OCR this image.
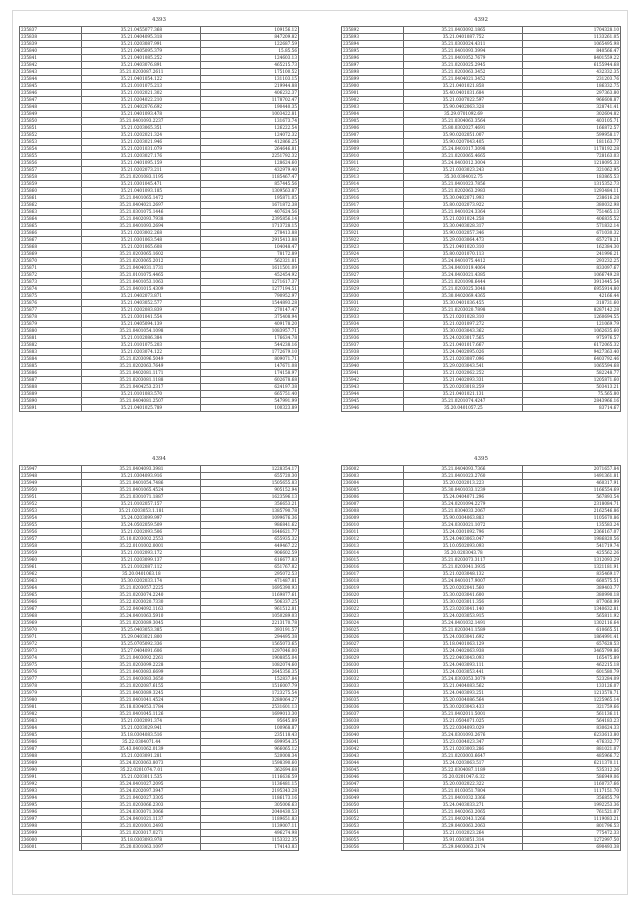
4393
235837	35.21.0455077.368	109156.12
235838	35.21.0404095.318	847209.82
235839	35.21.0203087.991	122687.59
235840	35.21.0405095.379	15.85.56
235841	35.21.0401085.252	124603.13
235842	35.21.0403076.891	465215.73
235843	35.21.0203087.2611	175100.52
235844	35.21.0401054.122	131103.15
235845	35.21.0101075.213	219944.88
235846	35.21.0102021.302	406232.37
235847	35.21.0204022.210	1178702.47
235848	35.21.0402076.692	190440.35
235849	35.21.0401093.478	1003422.81
235850	35.21.0401093.2237	131673.74
235851	35.21.0203065.351	126222.54
235852	35.21.0202021.324	124072.32
235853	35.21.0203021.946	412866.25
235854	35.21.0201031.079	264646.81
235855	35.21.0203027.176	2251792.32
235856	35.21.0401095.159	128624.60
235857	35.21.0202073.211	432979.40
235858	35.21.0201083.1195	1185467.47
235859	35.21.0301045.471	857445.56
235860	35.21.0401093.185	1309563.87
235861	35.21.0401065.1472	195871.05
235862	35.21.0404021.2697	1671872.38
235863	35.21.0301075.1446	407624.56
235864	35.21.0402093.7938	2395856.14
235865	35.21.0401093.2694	1713728.15
235866	35.21.0203002.268	278413.88
235867	35.21.0301063.548	2915413.88
235868	35.21.0201065.608	104048.47
235869	35.21.0203065.1602	78172.89
235870	35.21.0203065.2012	562321.81
235871	35.21.0404031.1731	1611501.09
235872	35.21.0101075.4465	452454.92
235873	35.21.0401053.1063	1271617.37
235874	35.21.0401015.4309	1277194.51
235875	35.21.0402073.871	790952.97
235876	35.21.0403052.577	1544893.28
235877	35.21.0202083.839	270147.47
235878	35.21.0301041.554	375408.94
235879	35.21.0405094.139	409178.20
235880	35.21.0401054.1098	1083957.71
235881	35.21.0102086.384	176634.78
235882	35.21.0101075.203	544238.16
235883	35.21.0203074.122	1772679.10
235884	35.21.0203096.5049	809071.71
235885	35.21.0202063.7649	147671.08
235886	35.21.0402081.1171	174158.97
235887	35.21.0203081.1188	602678.68
235888	35.21.0404253.2317	624197.38
235889	35.21.0101083.570	665751.40
235890	35.21.0404081.2507	547991.99
235891	35.21.0401025.789	100323.89
4392
235892	35.21.0403092.1865	1704328.10
235893	35.21.0401087.752	1133261.05
235894	35.21.0303024.4311	1065495.98
235895	35.21.0401093.3994	840566.47
235896	35.21.0401052.7679	8401559.22
235897	35.21.0203025.2945	6155944.68
235898	35.21.0203063.3452	432332.35
235899	35.21.0404021.3452	231203.76
235900	35.21.0401021.858	186332.75
235901	35.40.0401031.684	297363.80
235902	35.21.0307022.597	966608.87
235903	35.90.0402063.328	328741.41
235904	35.29.0701092.69	302604.82
235905	35.21.0304063.3564	403105.71
235906	35.80.0302027.4691	166872.57
235907	35.90.0202051.007	599958.17
235908	35.90.0207043.405	181163.77
235909	35.24.0401017.3098	1178192.28
235910	35.21.0203065.4665	728163.03
235911	35.24.0403012.3004	1218095.33
235912	35.21.0303023.243	321062.95
235913	35.30.0304012.75	183865.53
235914	35.21.0401023.7856	1315352.73
235915	35.21.0202063.2983	1293484.11
235916	35.30.0402071.993	238616.28
235917	35.80.0202073.922	380032.98
235918	35.21.0401024.3364	751465.13
235919	35.21.0201024.258	406835.52
235920	35.30.0403028.317	571832.14
235921	35.90.0302057.346	671030.32
235922	35.29.0303064.473	657278.21
235923	35.21.0401020.310	162384.30
235924	35.80.0201070.113	241996.21
235925	35.24.0401075.4412	293232.25
235926	35.34.0401019.4064	833097.67
235927	35.24.0403021.4385	1066749.28
235928	35.21.0201098.6444	3913445.54
235929	35.21.0203025.3048	6955914.80
235930	35.30.0402069.4365	42166.44
235931	35.30.0401036.455	318731.60
235932	35.21.0203020.7898	8287142.28
235933	35.21.0201028.310	1260694.55
235934	35.21.0201097.272	121069.79
235935	35.30.0303043.362	1062635.60
235936	35.24.0203017.565	975976.57
235937	35.21.0401017.667	6172065.32
235938	35.24.0402095.026	9427363.40
235939	35.21.0203087.096	6403792.46
235940	35.29.0203043.541	1065594.68
235941	35.21.0202062.252	582248.77
235942	35.21.0402093.331	1205871.60
235943	35.20.0203018.259	503413.21
235944	35.21.0401021.131	75.565.80
235945	35.21.0201074.4247	2843966.16
235946	35.20.0401057.25	83714.67
4394
235947	35.21.0404093.3981	1228354.17
235948	35.21.0304093.916	655720.30
235949	35.21.0401054.7486	1505655.83
235950	35.21.0401065.4524	905152.94
235951	35.21.0301071.1887	1623596.13
235952	35.21.0102057.157	356653.21
235953	35.21.0203053.1.181	1385790.78
235954	35.24.0203099.997	1099676.36
235955	35.24.0502059.509	986841.62
235956	35.21.0202093.506	1646621.77
235957	35.10.0203002.2553	655935.32
235958	35.22.0101002.0001	449467.22
235959	35.21.0102093.172	906602.59
235960	35.21.0203099.137	616677.83
235961	35.21.0102087.112	651767.82
235962	35.20.0401063.18	295072.53
235963	35.30.0202033.174	471487.81
235964	35.21.0203057.2225	1695390.93
235965	35.21.0203074.2240	1169877.61
235966	35.22.0203020.7330	506337.25
235967	35.22.0404092.1163	961512.81
235968	35.24.0401063.5910	1050289.03
235969	35.21.0203089.3045	2213170.78
235970	35.25.0403053.385	393191.57
235971	35.29.0403021.800	294495.38
235972	35.25.0705092.336	1565073.65
235973	35.27.0404091.606	1297046.00
235974	35.21.0403092.2261	1908855.04
235975	35.21.0203099.2228	1082074.60
235976	35.21.0403083.6699	2645356.35
235977	35.21.0403083.3650	152837.84
235978	35.21.0202087.6155	1516007.79
235979	35.21.0403089.3245	1723275.54
235980	35.21.0401041.4524	3288064.27
235981	35.18.0304053.1784	2531601.13
235982	35.21.0401045.1126	1699013.30
235983	35.21.0302091.374	95645.89
235984	35.21.0203029.941	100968.87
235985	35.18.0304083.516	235118.43
235986	35.22.0304071.44	699954.35
235987	35.43.0401062.0139	966065.12
235988	35.21.0203091.281	520008.34
235989	35.24.0203063.8073	1598390.60
235990	35.22.0201074.7.01	362694.68
235991	35.21.0203011.535	1116636.59
235992	35.24.0401027.2095	1136481.15
235993	35.24.0202097.3947	2195343.28
235994	35.21.0402027.3305	1186173.16
235995	35.21.0203066.2303	305006.63
235996	35.24.0303071.3066	2040430.53
235997	35.24.0401021.1137	1189651.83
235998	35.21.0201001.2493	1139007.11
235999	35.21.0203017.0271	496274.98
236000	35.18.0303093.978	1153322.35
236001	35.20.0301063.1097	174143.83
4395
236002	35.21.0404093.7366	2071657.84
236003	35.21.0401023.2760	1491361.81
236004	35.20.0202013.223	460317.91
236005	35.30.0401033.1239	1166554.69
236006	35.24.0404071.296	567893.54
236007	35.24.0201094.2279	2318084.71
236008	35.21.0304033.2067	2162546.86
236009	35.90.0304063.883	1105670.86
236010	35.24.0303021.1072	135583.24
236011	35.24.0301092.796	2366167.07
236012	35.24.0403063.047	1986820.56
236013	35.10.0502093.093	541719.74
236014	35.20.0203043.78	425562.26
236015	35.21.0203073.3117	1312093.29
236016	35.21.0203041.3935	1321181.91
236017	35.21.0203048.132	835469.17
236018	35.24.0401017.9007	660575.51
236019	35.20.0202041.560	389403.77
236020	35.30.0203041.600	380990.18
236021	35.30.0203011.356	877060.99
236022	35.23.0203041.140	1340632.81
236023	35.24.0203053.915	565811.92
236024	35.24.0401032.1491	1302116.64
236025	35.21.0203041.1589	610665.51
236026	35.24.0303041.692	1864991.41
236027	35.18.0401063.129	657628.53
236028	35.24.0402063.938	3465799.86
236029	35.22.0403043.093	165475.89
236030	35.24.0403093.111	462215.18
236031	35.24.0303053.441	601580.79
236032	35.24.0303053.3079	523284.09
236033	35.21.0404083.562	133126.07
236034	35.24.0403093.251	1213578.71
236035	35.20.0304086.564	1225965.14
236036	35.30.0203043.433	321759.66
236037	35.21.0402011.5001	561136.11
236038	35.21.0504071.025	564183.23
236039	35.22.0304093.029	830624.33
236040	35.24.0301093.2676	6233613.80
236041	35.23.0304023.347	476332.77
236042	35.21.0203003.286	881021.07
236043	35.21.0203003.6647	485966.72
236044	35.24.0203063.517	6211370.11
236045	35.22.0304087.1189	535312.26
236046	35.20.0201047.6.32	586949.06
236047	35.20.0302022.322	1160737.66
236048	35.21.0103051.7804	1117151.70
236049	35.21.0401032.3366	356855.79
236050	35.24.0403033.271	1992253.36
236051	35.21.0402063.2065	761521.07
236052	35.21.0402043.1266	1119083.21
236053	35.29.0403063.2063	801796.53
236054	35.21.0102023.264	775472.33
236055	35.91.0303051.314	1272997.50
236056	35.29.0403063.2174	690493.38
